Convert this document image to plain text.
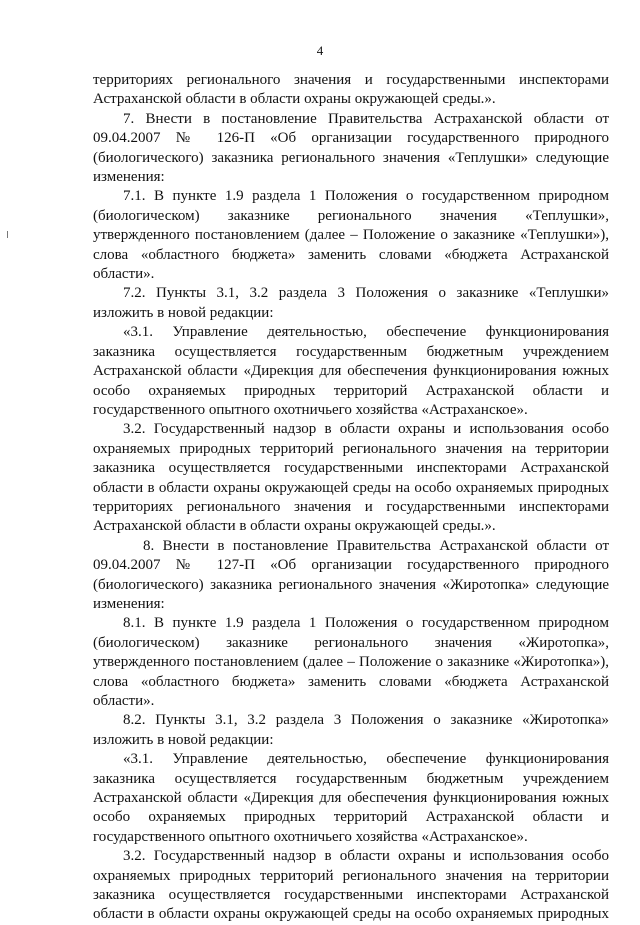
4

территориях регионального значения и государственными инспекторами Астраханской области в области охраны окружающей среды.».

7. Внести в постановление Правительства Астраханской области от 09.04.2007 № 126-П «Об организации государственного природного (биологического) заказника регионального значения «Теплушки» следующие изменения:

7.1. В пункте 1.9 раздела 1 Положения о государственном природном (биологическом) заказнике регионального значения «Теплушки», утвержденного постановлением (далее – Положение о заказнике «Теплушки»), слова «областного бюджета» заменить словами «бюджета Астраханской области».

7.2. Пункты 3.1, 3.2 раздела 3 Положения о заказнике «Теплушки» изложить в новой редакции:

«3.1. Управление деятельностью, обеспечение функционирования заказника осуществляется государственным бюджетным учреждением Астраханской области «Дирекция для обеспечения функционирования южных особо охраняемых природных территорий Астраханской области и государственного опытного охотничьего хозяйства «Астраханское».

3.2. Государственный надзор в области охраны и использования особо охраняемых природных территорий регионального значения на территории заказника осуществляется государственными инспекторами Астраханской области в области охраны окружающей среды на особо охраняемых природных территориях регионального значения и государственными инспекторами Астраханской области в области охраны окружающей среды.».

8. Внести в постановление Правительства Астраханской области от 09.04.2007 № 127-П «Об организации государственного природного (биологического) заказника регионального значения «Жиротопка» следующие изменения:

8.1. В пункте 1.9 раздела 1 Положения о государственном природном (биологическом) заказнике регионального значения «Жиротопка», утвержденного постановлением (далее – Положение о заказнике «Жиротопка»), слова «областного бюджета» заменить словами «бюджета Астраханской области».

8.2. Пункты 3.1, 3.2 раздела 3 Положения о заказнике «Жиротопка» изложить в новой редакции:

«3.1. Управление деятельностью, обеспечение функционирования заказника осуществляется государственным бюджетным учреждением Астраханской области «Дирекция для обеспечения функционирования южных особо охраняемых природных территорий Астраханской области и государственного опытного охотничьего хозяйства «Астраханское».

3.2. Государственный надзор в области охраны и использования особо охраняемых природных территорий регионального значения на территории заказника осуществляется государственными инспекторами Астраханской области в области охраны окружающей среды на особо охраняемых природных
